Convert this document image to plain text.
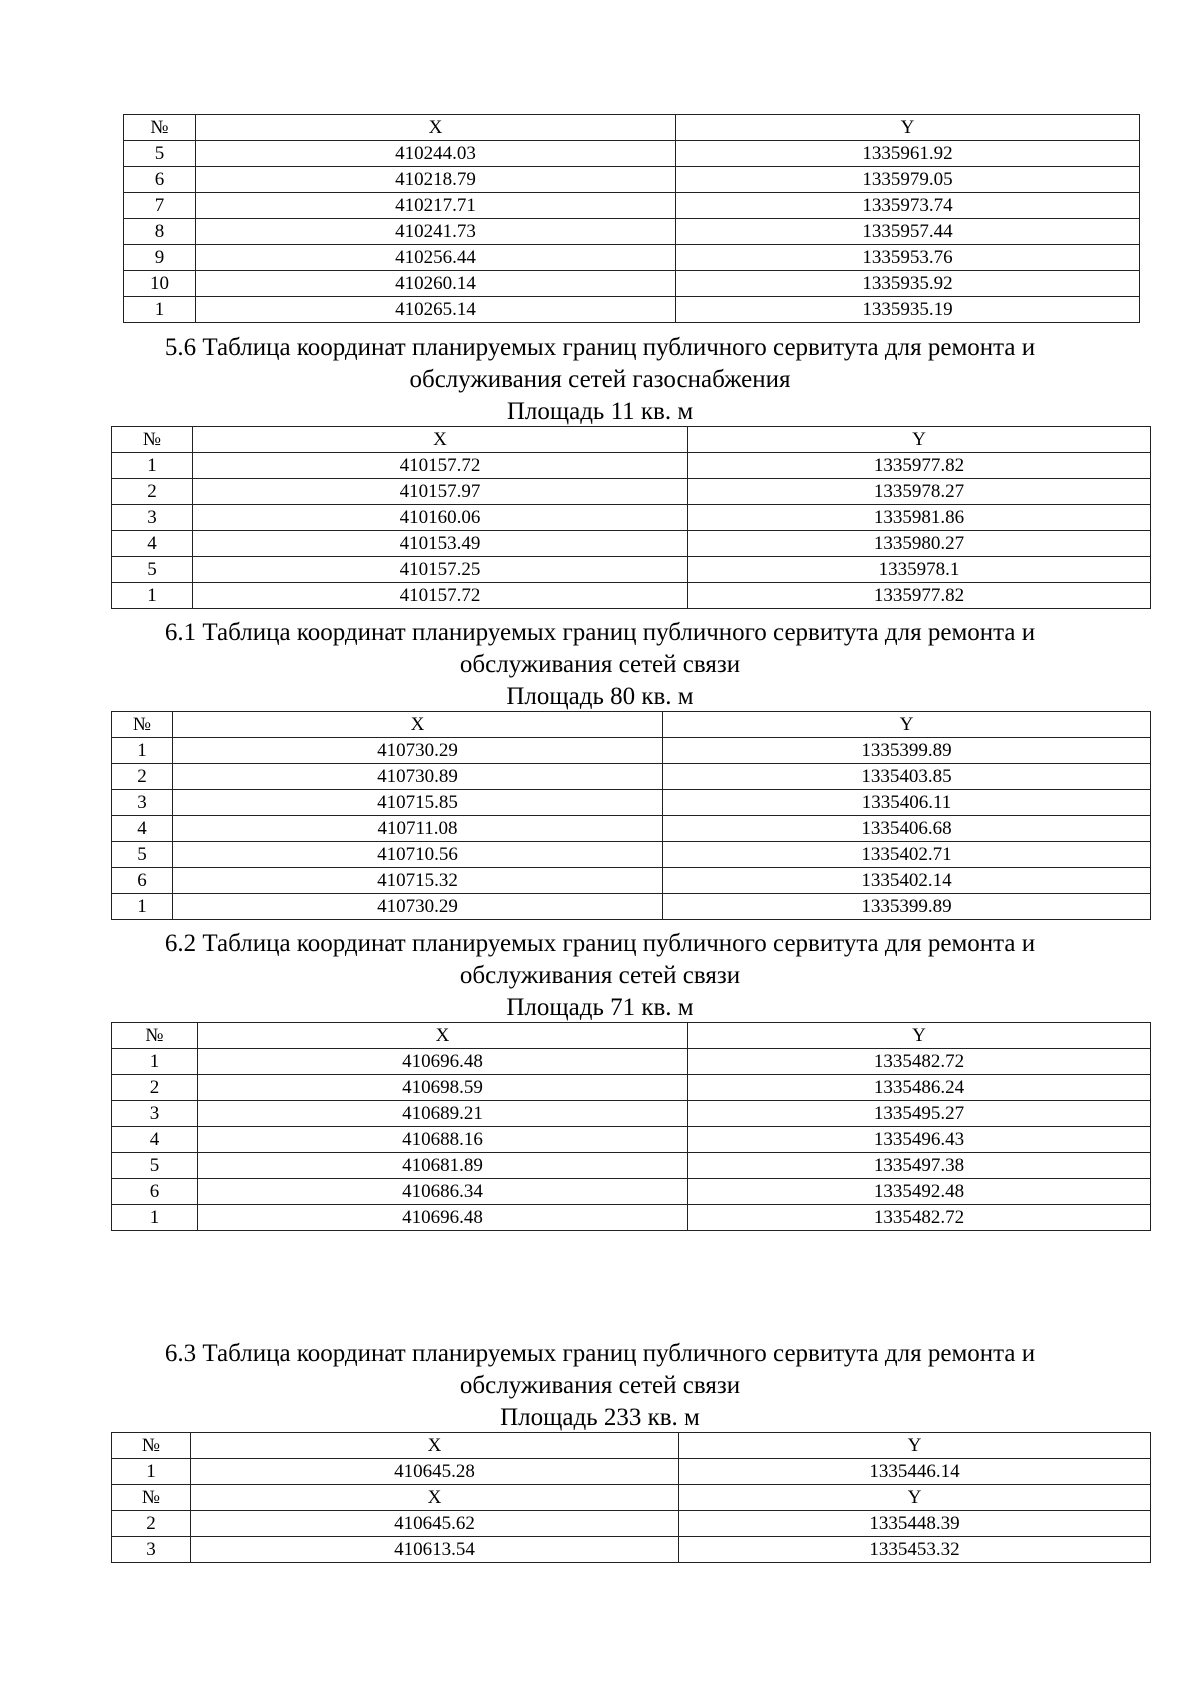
№	X	Y
5	410244.03	1335961.92
6	410218.79	1335979.05
7	410217.71	1335973.74
8	410241.73	1335957.44
9	410256.44	1335953.76
10	410260.14	1335935.92
1	410265.14	1335935.19
5.6 Таблица координат планируемых границ публичного сервитута для ремонта и
обслуживания сетей газоснабжения
Площадь 11 кв. м
№	X	Y
1	410157.72	1335977.82
2	410157.97	1335978.27
3	410160.06	1335981.86
4	410153.49	1335980.27
5	410157.25	1335978.1
1	410157.72	1335977.82
6.1 Таблица координат планируемых границ публичного сервитута для ремонта и
обслуживания сетей связи
Площадь 80 кв. м
№	X	Y
1	410730.29	1335399.89
2	410730.89	1335403.85
3	410715.85	1335406.11
4	410711.08	1335406.68
5	410710.56	1335402.71
6	410715.32	1335402.14
1	410730.29	1335399.89
6.2 Таблица координат планируемых границ публичного сервитута для ремонта и
обслуживания сетей связи
Площадь 71 кв. м
№	X	Y
1	410696.48	1335482.72
2	410698.59	1335486.24
3	410689.21	1335495.27
4	410688.16	1335496.43
5	410681.89	1335497.38
6	410686.34	1335492.48
1	410696.48	1335482.72
6.3 Таблица координат планируемых границ публичного сервитута для ремонта и
обслуживания сетей связи
Площадь 233 кв. м
№	X	Y
1	410645.28	1335446.14
№	X	Y
2	410645.62	1335448.39
3	410613.54	1335453.32
